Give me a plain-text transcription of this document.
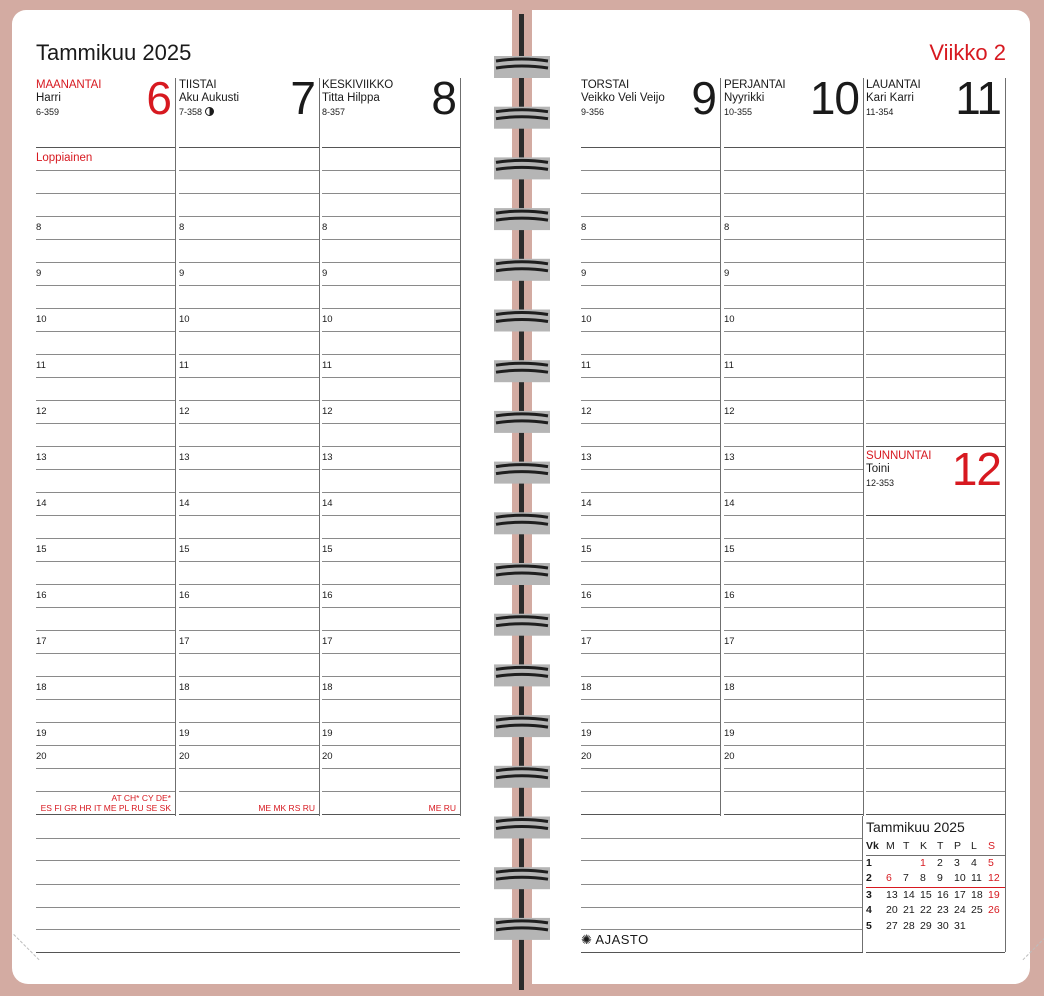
Tammikuu 2025	Viikko 2
MAANANTAI
Harri
6-359 6
8
9
10
11
12
13
14
15
16
17
18
19
20
Loppiainen
AT CH* CY DE*
ES FI GR HR IT ME PL RU SE SK
TIISTAI
Aku Aukusti
7-358 7
8
9
10
11
12
13
14
15
16
17
18
19
20
ME MK RS RU
KESKIVIIKKO
Titta Hilppa
8-357 8
8
9
10
11
12
13
14
15
16
17
18
19
20
ME RU
TORSTAI
Veikko Veli Veijo
9-356 9
8
9
10
11
12
13
14
15
16
17
18
19
20
PERJANTAI
Nyyrikki
10-355 10
8
9
10
11
12
13
14
15
16
17
18
19
20
LAUANTAI
Kari Karri
11-354 11
SUNNUNTAI
Toini
12-353 12
Tammikuu 2025
Vk	M	T	K	T	P	L	S
1			1	2	3	4	5
2	6	7	8	9	10	11	12
3	13	14	15	16	17	18	19
4	20	21	22	23	24	25	26
5	27	28	29	30	31		
✺ AJASTO
